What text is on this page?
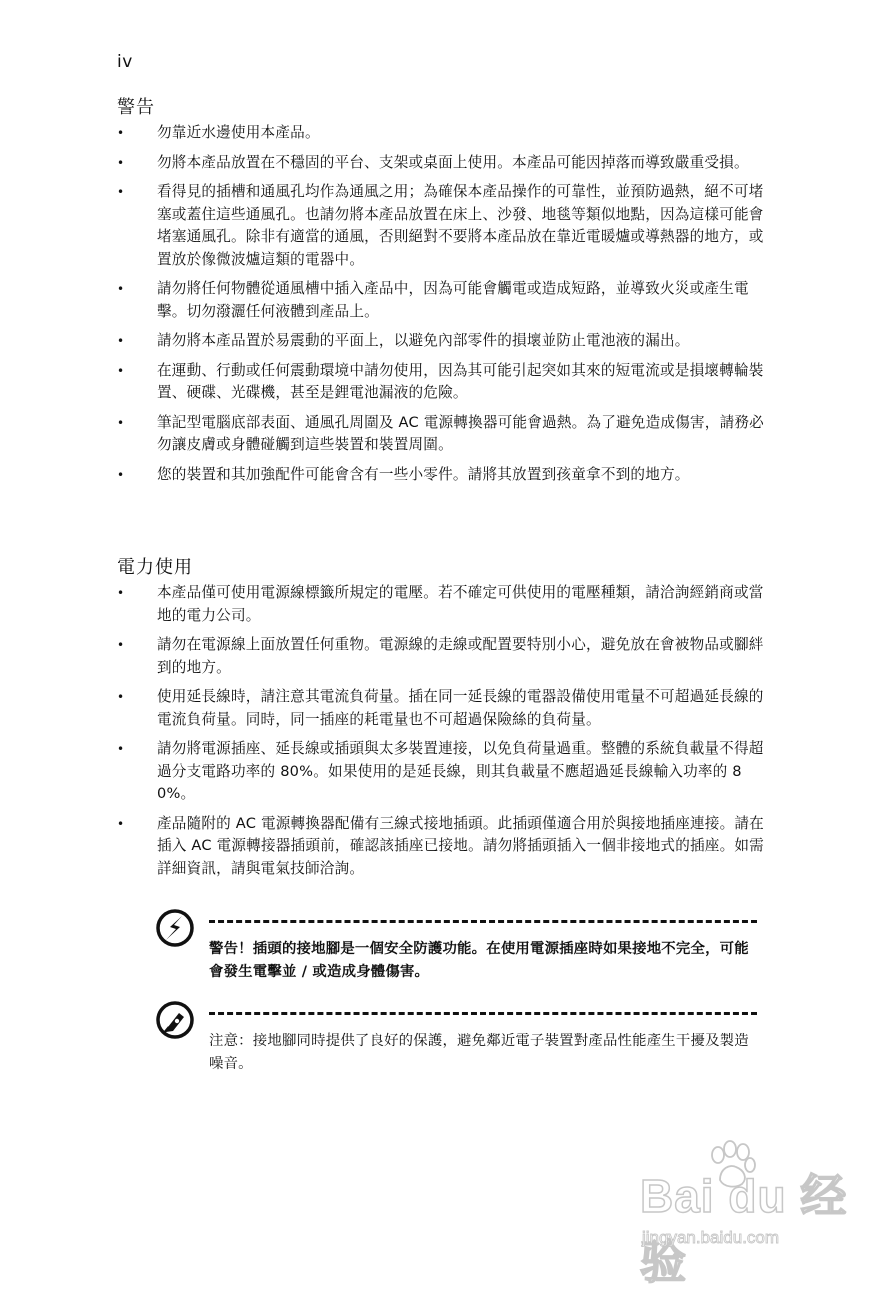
iv
警告
• 勿靠近水邊使用本產品。
• 勿將本產品放置在不穩固的平台、支架或桌面上使用。本產品可能因掉落而導致嚴重受損。
• 看得見的插槽和通風孔均作為通風之用；為確保本產品操作的可靠性，並預防過熱，絕不可堵塞或蓋住這些通風孔。也請勿將本產品放置在床上、沙發、地毯等類似地點，因為這樣可能會堵塞通風孔。除非有適當的通風，否則絕對不要將本產品放在靠近電暖爐或導熱器的地方，或置放於像微波爐這類的電器中。
• 請勿將任何物體從通風槽中插入產品中，因為可能會觸電或造成短路，並導致火災或產生電擊。切勿潑灑任何液體到產品上。
• 請勿將本產品置於易震動的平面上，以避免內部零件的損壞並防止電池液的漏出。
• 在運動、行動或任何震動環境中請勿使用，因為其可能引起突如其來的短電流或是損壞轉輪裝置、硬碟、光碟機，甚至是鋰電池漏液的危險。
• 筆記型電腦底部表面、通風孔周圍及 AC 電源轉換器可能會過熱。為了避免造成傷害，請務必勿讓皮膚或身體碰觸到這些裝置和裝置周圍。
• 您的裝置和其加強配件可能會含有一些小零件。請將其放置到孩童拿不到的地方。
電力使用
• 本產品僅可使用電源線標籤所規定的電壓。若不確定可供使用的電壓種類，請洽詢經銷商或當地的電力公司。
• 請勿在電源線上面放置任何重物。電源線的走線或配置要特別小心，避免放在會被物品或腳絆到的地方。
• 使用延長線時，請注意其電流負荷量。插在同一延長線的電器設備使用電量不可超過延長線的電流負荷量。同時，同一插座的耗電量也不可超過保險絲的負荷量。
• 請勿將電源插座、延長線或插頭與太多裝置連接，以免負荷量過重。整體的系統負載量不得超過分支電路功率的 80%。如果使用的是延長線，則其負載量不應超過延長線輸入功率的 80%。
• 產品隨附的 AC 電源轉換器配備有三線式接地插頭。此插頭僅適合用於與接地插座連接。請在插入 AC 電源轉接器插頭前，確認該插座已接地。請勿將插頭插入一個非接地式的插座。如需詳細資訊，請與電氣技師洽詢。
警告！插頭的接地腳是一個安全防護功能。在使用電源插座時如果接地不完全，可能會發生電擊並 / 或造成身體傷害。
注意：接地腳同時提供了良好的保護，避免鄰近電子裝置對產品性能產生干擾及製造噪音。
Bai du 经验
jingyan.baidu.com
